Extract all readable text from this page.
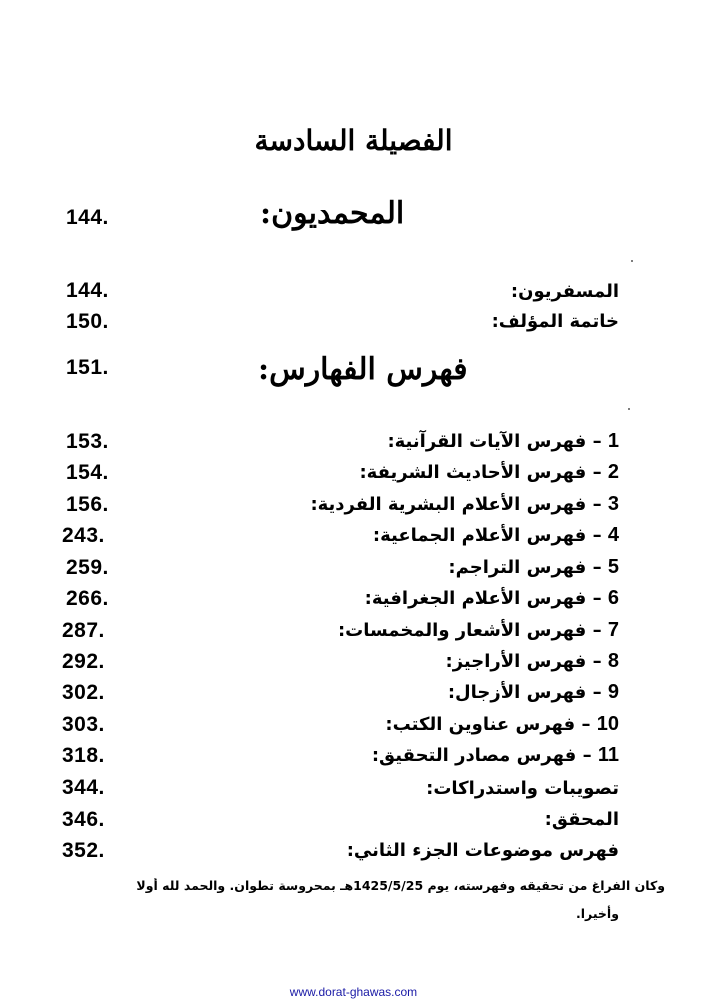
الفصيلة السادسة
المحمديون:
144.
المسفريون:
144.
خاتمة المؤلف:
150.
فهرس الفهارس:
151.
1 – فهرس الآيات القرآنية:
153.
2 – فهرس الأحاديث الشريفة:
154.
3 – فهرس الأعلام البشرية الفردية:
156.
4 – فهرس الأعلام الجماعية:
243.
5 – فهرس التراجم:
259.
6 – فهرس الأعلام الجغرافية:
266.
7 – فهرس الأشعار والمخمسات:
287.
8 – فهرس الأراجيز:
292.
9 – فهرس الأزجال:
302.
10 – فهرس عناوين الكتب:
303.
11 – فهرس مصادر التحقيق:
318.
تصويبات واستدراكات:
344.
المحقق:
346.
فهرس موضوعات الجزء الثاني:
352.
وكان الفراغ من تحقيقه وفهرسته، يوم 1425/5/25هـ بمحروسة تطوان. والحمد لله أولا
وأخيرا.
www.dorat-ghawas.com
